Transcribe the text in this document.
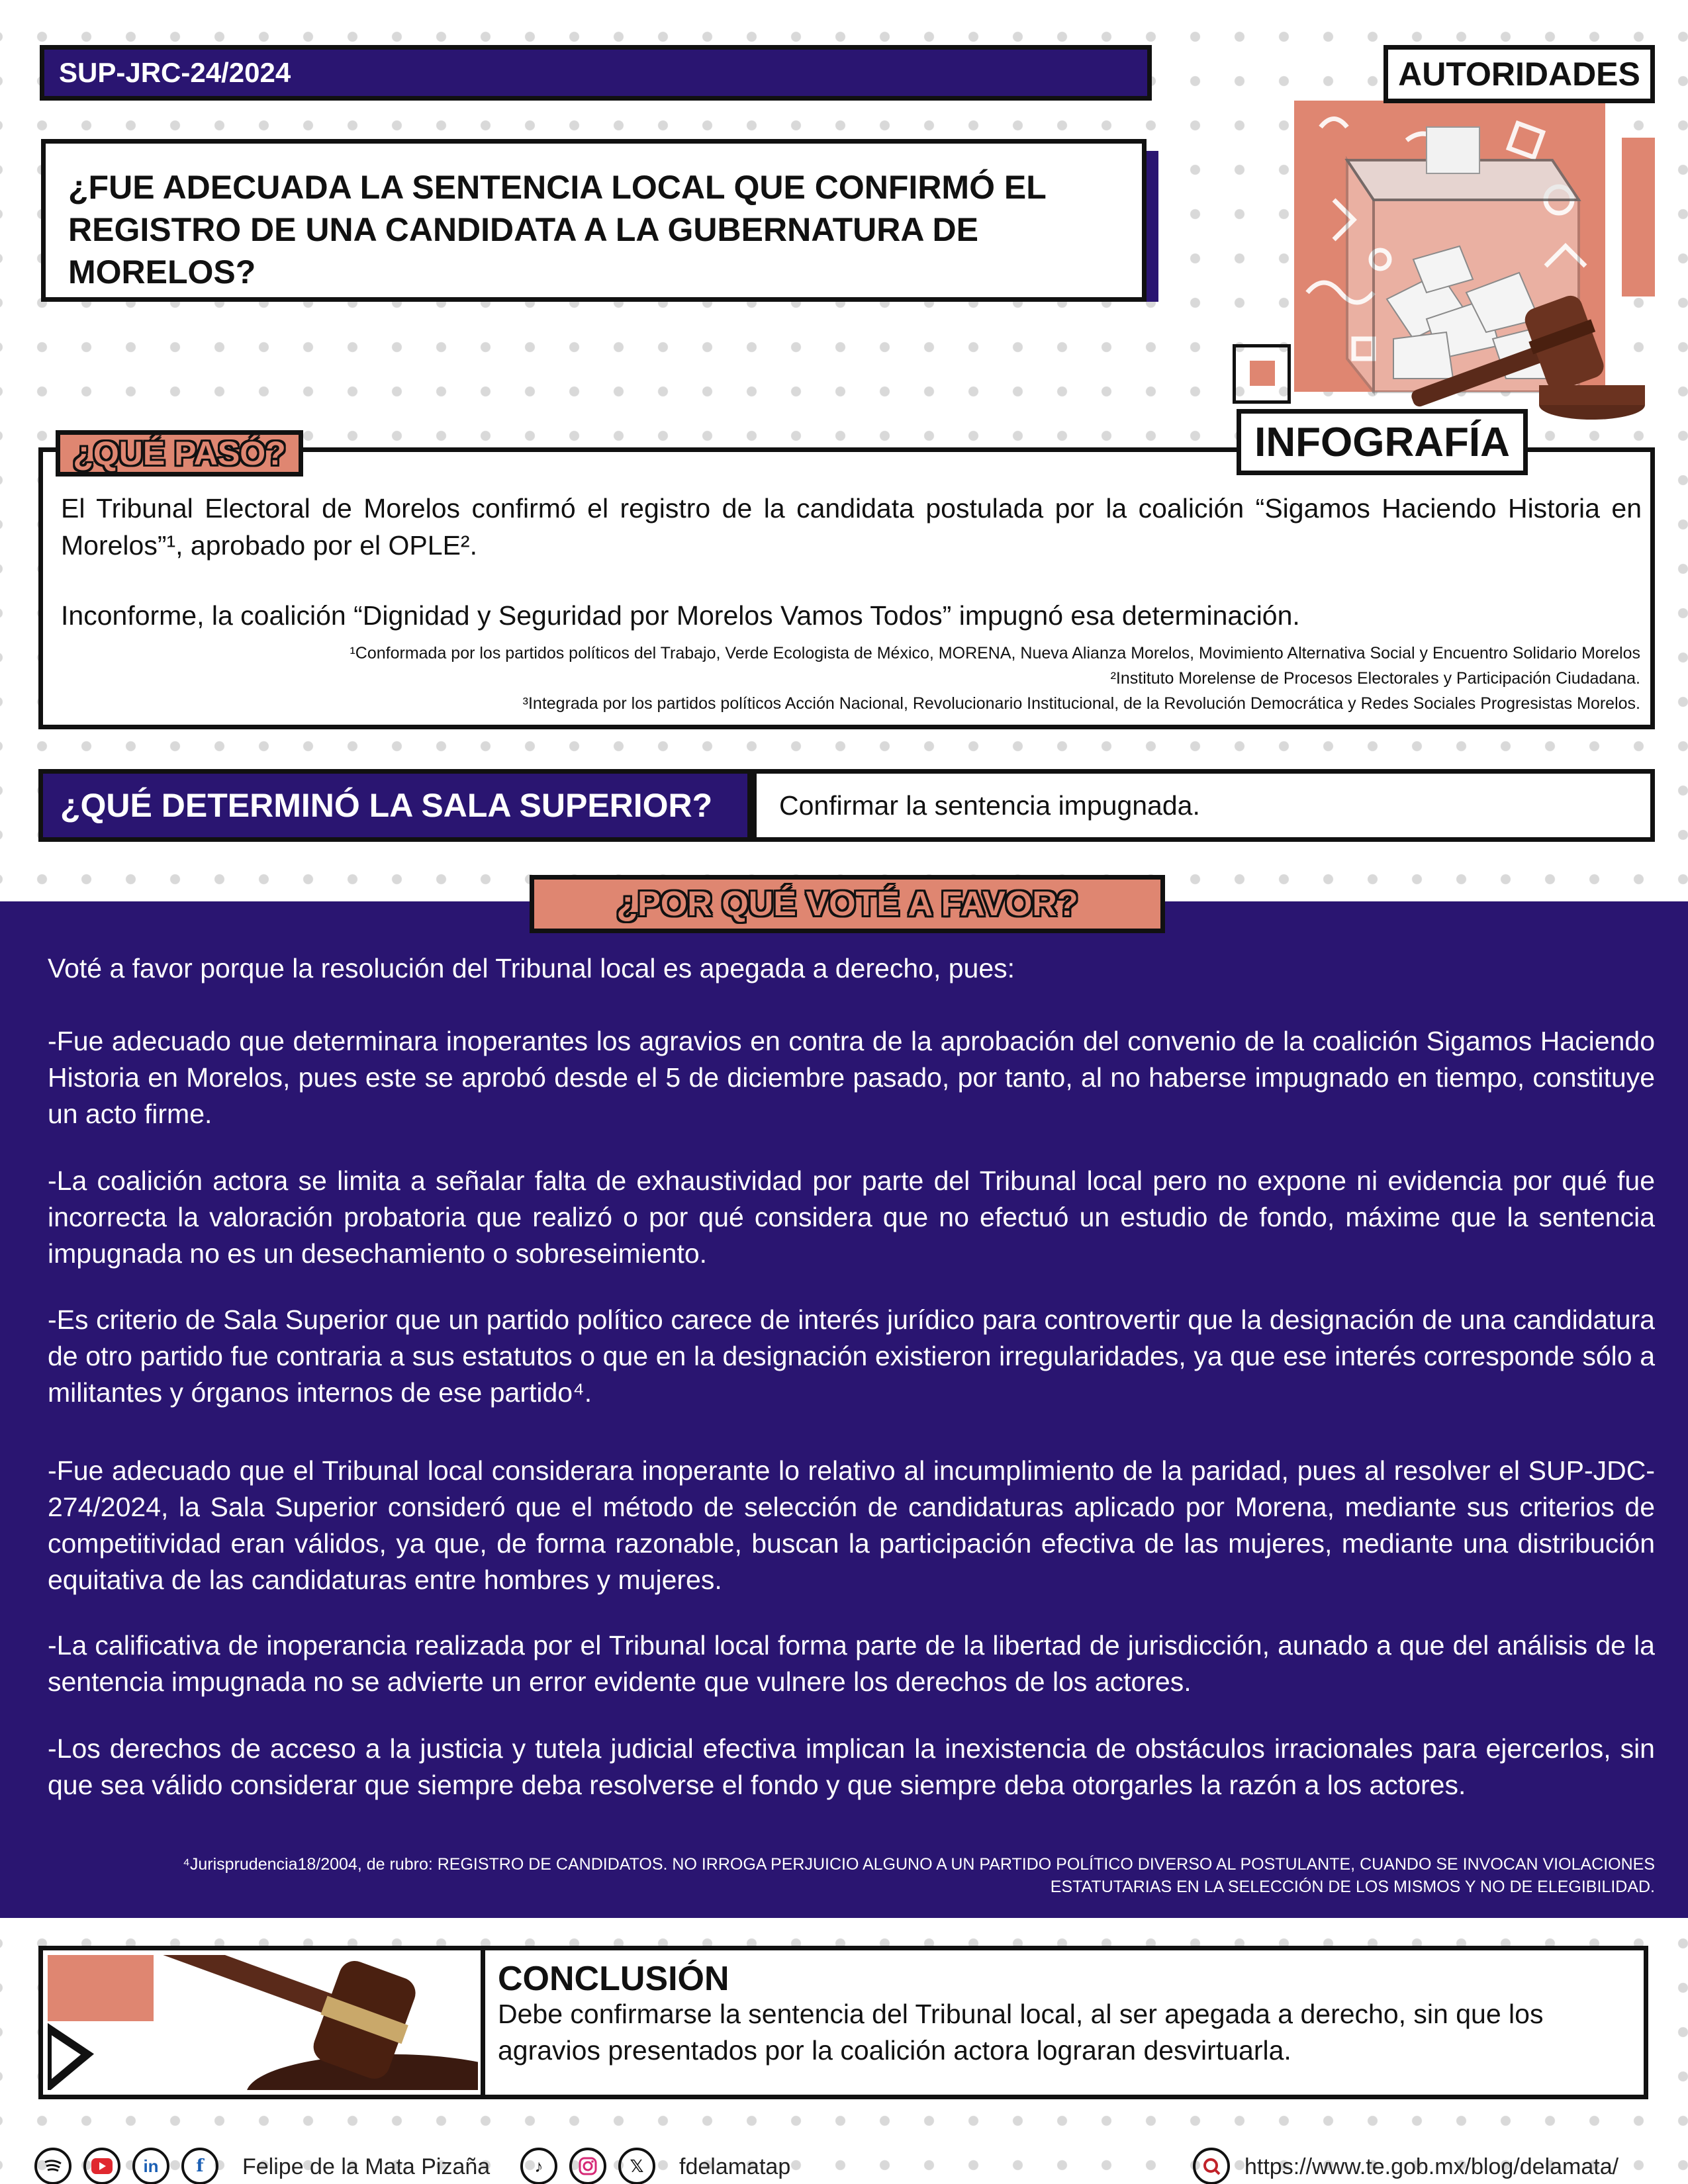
SUP-JRC-24/2024
¿FUE ADECUADA LA SENTENCIA LOCAL QUE CONFIRMÓ EL REGISTRO DE UNA CANDIDATA A LA GUBERNATURA DE MORELOS?
AUTORIDADES
¿QUÉ PASÓ?	INFOGRAFÍA
El Tribunal Electoral de Morelos confirmó el registro de la candidata postulada por la coalición “Sigamos Haciendo Historia en Morelos”¹, aprobado por el OPLE².
Inconforme, la coalición “Dignidad y Seguridad por Morelos Vamos Todos” impugnó esa determinación.
¹Conformada por los partidos políticos del Trabajo, Verde Ecologista de México, MORENA, Nueva Alianza Morelos, Movimiento Alternativa Social y Encuentro Solidario Morelos
²Instituto Morelense de Procesos Electorales y Participación Ciudadana.
³Integrada por los partidos políticos Acción Nacional, Revolucionario Institucional, de la Revolución Democrática y Redes Sociales Progresistas Morelos.
¿QUÉ DETERMINÓ LA SALA SUPERIOR?	Confirmar la sentencia impugnada.
¿POR QUÉ VOTÉ A FAVOR?
Voté a favor porque la resolución del Tribunal local es apegada a derecho, pues:
-Fue adecuado que determinara inoperantes los agravios en contra de la aprobación del convenio de la coalición Sigamos Haciendo Historia en Morelos, pues este se aprobó desde el 5 de diciembre pasado, por tanto, al no haberse impugnado en tiempo, constituye un acto firme.
-La coalición actora se limita a señalar falta de exhaustividad por parte del Tribunal local pero no expone ni evidencia por qué fue incorrecta la valoración probatoria que realizó o por qué considera que no efectuó un estudio de fondo, máxime que la sentencia impugnada no es un desechamiento o sobreseimiento.
-Es criterio de Sala Superior que un partido político carece de interés jurídico para controvertir que la designación de una candidatura de otro partido fue contraria a sus estatutos o que en la designación existieron irregularidades, ya que ese interés corresponde sólo a militantes y órganos internos de ese partido⁴.
-Fue adecuado que el Tribunal local considerara inoperante lo relativo al incumplimiento de la paridad, pues al resolver el SUP-JDC-274/2024, la Sala Superior consideró que el método de selección de candidaturas aplicado por Morena, mediante sus criterios de competitividad eran válidos, ya que, de forma razonable, buscan la participación efectiva de las mujeres, mediante una distribución equitativa de las candidaturas entre hombres y mujeres.
-La calificativa de inoperancia realizada por el Tribunal local forma parte de la libertad de jurisdicción, aunado a que del análisis de la sentencia impugnada no se advierte un error evidente que vulnere los derechos de los actores.
-Los derechos de acceso a la justicia y tutela judicial efectiva implican la inexistencia de obstáculos irracionales para ejercerlos, sin que sea válido considerar que siempre deba resolverse el fondo y que siempre deba otorgarles la razón a los actores.
⁴Jurisprudencia18/2004, de rubro: REGISTRO DE CANDIDATOS. NO IRROGA PERJUICIO ALGUNO A UN PARTIDO POLÍTICO DIVERSO AL POSTULANTE, CUANDO SE INVOCAN VIOLACIONES
ESTATUTARIAS EN LA SELECCIÓN DE LOS MISMOS Y NO DE ELEGIBILIDAD.
CONCLUSIÓN
Debe confirmarse la sentencia del Tribunal local, al ser apegada a derecho, sin que los agravios presentados por la coalición actora lograran desvirtuarla.
in	f	Felipe de la Mata Pizaña	♪	𝕏	fdelamatap	https://www.te.gob.mx/blog/delamata/
